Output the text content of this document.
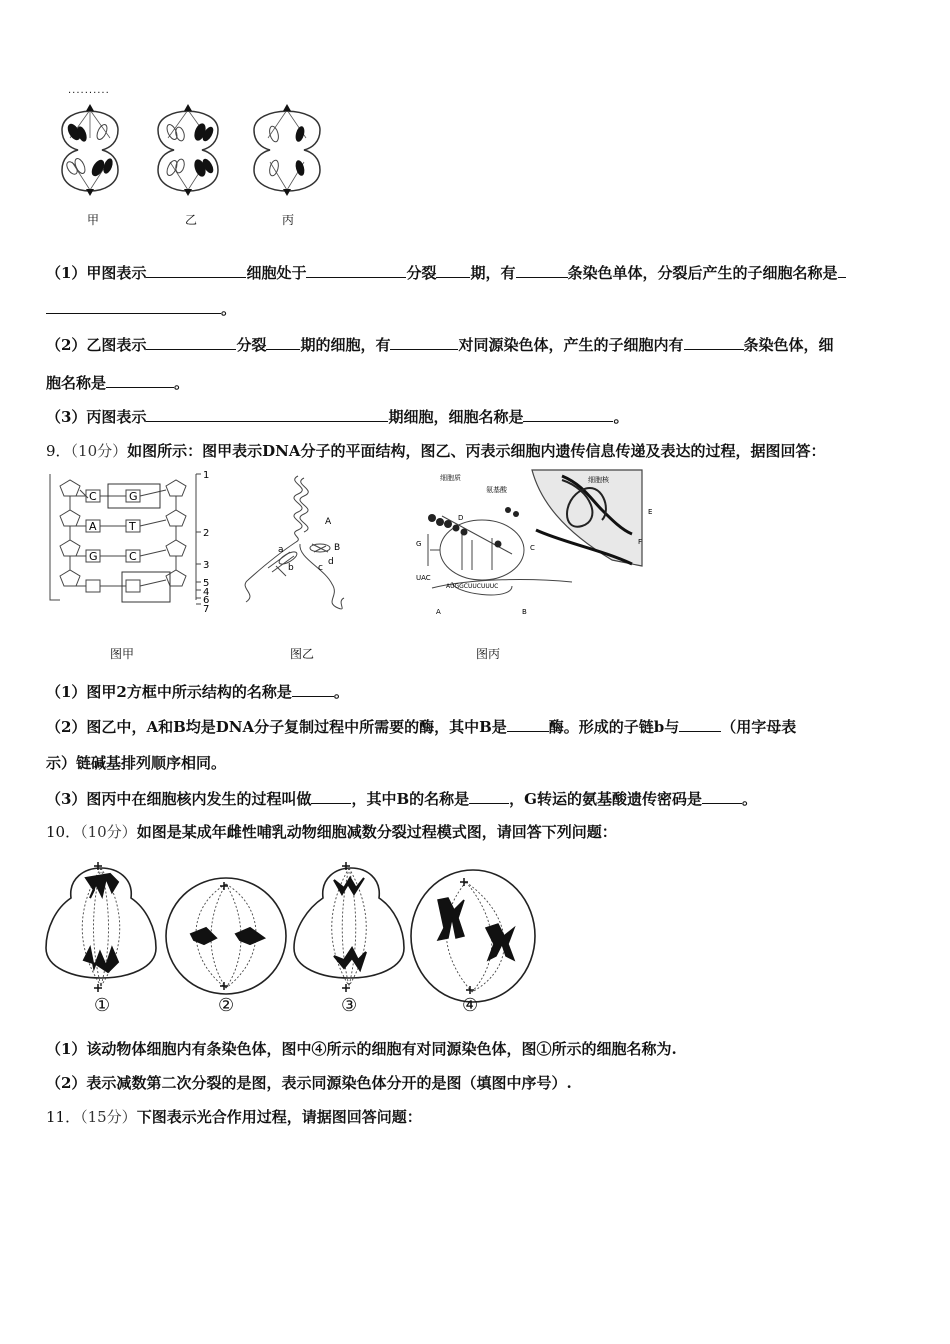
··········
甲	乙	丙
（1）甲图表示	细胞处于	分裂 期，有	条染色单体，分裂后产生的子细胞名称是
。
（2）乙图表示	分裂 期的细胞，有	对同源染色体，产生的子细胞内有	条染色体，细
胞名称是	。
（3）丙图表示	期细胞，细胞名称是	。
9．（10分）如图所示：图甲表示DNA分子的平面结构，图乙、丙表示细胞内遗传信息传递及表达的过程，据图回答：
C	G
A	T
G	C
1
2
3
5
4
6
7
A
B
a
b	c
d
细胞质
氨基酸
细胞核
D
G	C
E
F
UAC
A	B
AUGGCUUCUUUC
图甲	图乙	图丙
（1）图甲2方框中所示结构的名称是	。
（2）图乙中，A和B均是DNA分子复制过程中所需要的酶，其中B是	酶。形成的子链b与	（用字母表
示）链碱基排列顺序相同。
（3）图丙中在细胞核内发生的过程叫做	，其中B的名称是	，G转运的氨基酸遗传密码是	。
10．（10分）如图是某成年雌性哺乳动物细胞减数分裂过程模式图，请回答下列问题：
①	②	③	④
（1）该动物体细胞内有条染色体，图中④所示的细胞有对同源染色体，图①所示的细胞名称为.
（2）表示减数第二次分裂的是图，表示同源染色体分开的是图（填图中序号）.
11．（15分）下图表示光合作用过程，请据图回答问题：
